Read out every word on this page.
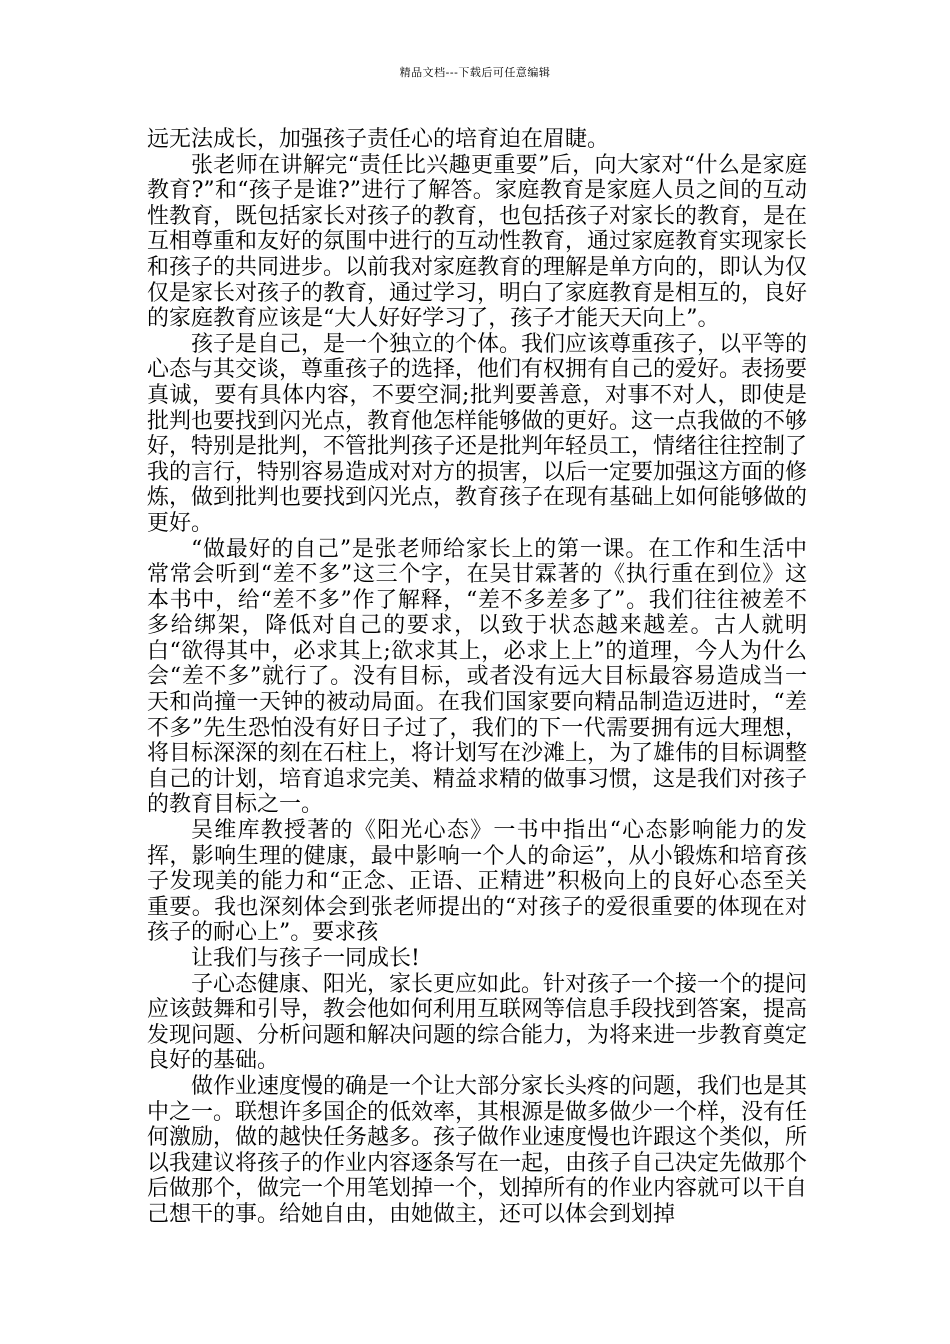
精品文档---下载后可任意编辑

远无法成长，加强孩子责任心的培育迫在眉睫。

张老师在讲解完“责任比兴趣更重要”后，向大家对“什么是家庭教育?”和“孩子是谁?”进行了解答。家庭教育是家庭人员之间的互动性教育，既包括家长对孩子的教育，也包括孩子对家长的教育，是在互相尊重和友好的氛围中进行的互动性教育，通过家庭教育实现家长和孩子的共同进步。以前我对家庭教育的理解是单方向的，即认为仅仅是家长对孩子的教育，通过学习，明白了家庭教育是相互的，良好的家庭教育应该是“大人好好学习了，孩子才能天天向上”。

孩子是自己，是一个独立的个体。我们应该尊重孩子，以平等的心态与其交谈，尊重孩子的选择，他们有权拥有自己的爱好。表扬要真诚，要有具体内容，不要空洞;批判要善意，对事不对人，即使是批判也要找到闪光点，教育他怎样能够做的更好。这一点我做的不够好，特别是批判，不管批判孩子还是批判年轻员工，情绪往往控制了我的言行，特别容易造成对对方的损害，以后一定要加强这方面的修炼，做到批判也要找到闪光点，教育孩子在现有基础上如何能够做的更好。

“做最好的自己”是张老师给家长上的第一课。在工作和生活中常常会听到“差不多”这三个字，在吴甘霖著的《执行重在到位》这本书中，给“差不多”作了解释，“差不多差多了”。我们往往被差不多给绑架，降低对自己的要求，以致于状态越来越差。古人就明白“欲得其中，必求其上;欲求其上，必求上上”的道理，今人为什么会“差不多”就行了。没有目标，或者没有远大目标最容易造成当一天和尚撞一天钟的被动局面。在我们国家要向精品制造迈进时，“差不多”先生恐怕没有好日子过了，我们的下一代需要拥有远大理想，将目标深深的刻在石柱上，将计划写在沙滩上，为了雄伟的目标调整自己的计划，培育追求完美、精益求精的做事习惯，这是我们对孩子的教育目标之一。

吴维库教授著的《阳光心态》一书中指出“心态影响能力的发挥，影响生理的健康，最中影响一个人的命运”，从小锻炼和培育孩子发现美的能力和“正念、正语、正精进”积极向上的良好心态至关重要。我也深刻体会到张老师提出的“对孩子的爱很重要的体现在对孩子的耐心上”。要求孩

让我们与孩子一同成长!

子心态健康、阳光，家长更应如此。针对孩子一个接一个的提问应该鼓舞和引导，教会他如何利用互联网等信息手段找到答案，提高发现问题、分析问题和解决问题的综合能力，为将来进一步教育奠定良好的基础。

做作业速度慢的确是一个让大部分家长头疼的问题，我们也是其中之一。联想许多国企的低效率，其根源是做多做少一个样，没有任何激励，做的越快任务越多。孩子做作业速度慢也许跟这个类似，所以我建议将孩子的作业内容逐条写在一起，由孩子自己决定先做那个后做那个，做完一个用笔划掉一个，划掉所有的作业内容就可以干自己想干的事。给她自由，由她做主，还可以体会到划掉
